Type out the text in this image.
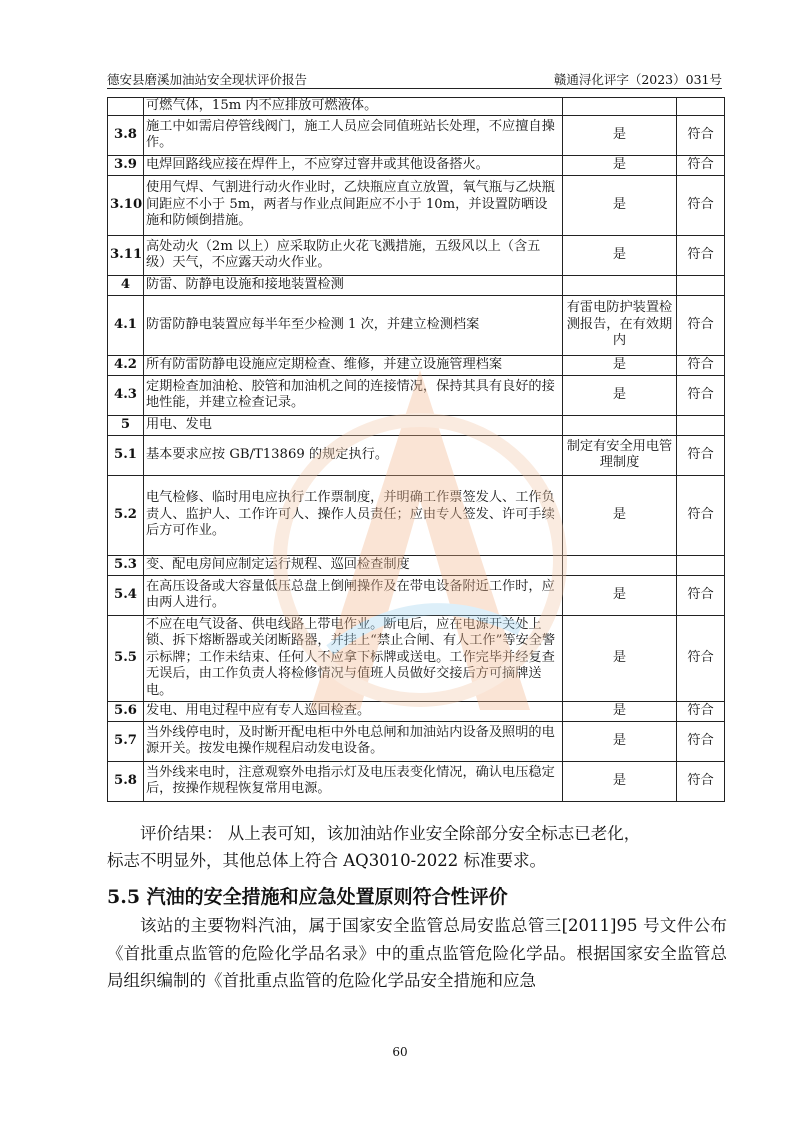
德安县磨溪加油站安全现状评价报告	赣通浔化评字（2023）031号
	可燃气体，15m 内不应排放可燃液体。		
3.8	施工中如需启停管线阀门，施工人员应会同值班站长处理，不应擅自操作。	是	符合
3.9	电焊回路线应接在焊件上，不应穿过窨井或其他设备搭火。	是	符合
3.10	使用气焊、气割进行动火作业时，乙炔瓶应直立放置，氧气瓶与乙炔瓶间距应不小于 5m，两者与作业点间距应不小于 10m，并设置防晒设施和防倾倒措施。	是	符合
3.11	高处动火（2m 以上）应采取防止火花飞溅措施，五级风以上（含五级）天气，不应露天动火作业。	是	符合
4	防雷、防静电设施和接地装置检测		
4.1	防雷防静电装置应每半年至少检测 1 次，并建立检测档案	有雷电防护装置检测报告，在有效期内	符合
4.2	所有防雷防静电设施应定期检查、维修，并建立设施管理档案	是	符合
4.3	定期检查加油枪、胶管和加油机之间的连接情况，保持其具有良好的接地性能，并建立检查记录。	是	符合
5	用电、发电		
5.1	基本要求应按 GB/T13869 的规定执行。	制定有安全用电管理制度	符合
5.2	电气检修、临时用电应执行工作票制度，并明确工作票签发人、工作负责人、监护人、工作许可人、操作人员责任；应由专人签发、许可手续后方可作业。	是	符合
5.3	变、配电房间应制定运行规程、巡回检查制度		
5.4	在高压设备或大容量低压总盘上倒闸操作及在带电设备附近工作时，应由两人进行。	是	符合
5.5	不应在电气设备、供电线路上带电作业。断电后，应在电源开关处上锁、拆下熔断器或关闭断路器，并挂上“禁止合闸、有人工作”等安全警示标牌；工作未结束、任何人不应拿下标牌或送电。工作完毕并经复查无误后，由工作负责人将检修情况与值班人员做好交接后方可摘牌送电。	是	符合
5.6	发电、用电过程中应有专人巡回检查。	是	符合
5.7	当外线停电时，及时断开配电柜中外电总闸和加油站内设备及照明的电源开关。按发电操作规程启动发电设备。	是	符合
5.8	当外线来电时，注意观察外电指示灯及电压表变化情况，确认电压稳定后，按操作规程恢复常用电源。	是	符合

评价结果： 从上表可知，该加油站作业安全除部分安全标志已老化，

标志不明显外，其他总体上符合 AQ3010-2022 标准要求。

5.5 汽油的安全措施和应急处置原则符合性评价

该站的主要物料汽油，属于国家安全监管总局安监总管三[2011]95 号文件公布《首批重点监管的危险化学品名录》中的重点监管危险化学品。根据国家安全监管总局组织编制的《首批重点监管的危险化学品安全措施和应急

60
